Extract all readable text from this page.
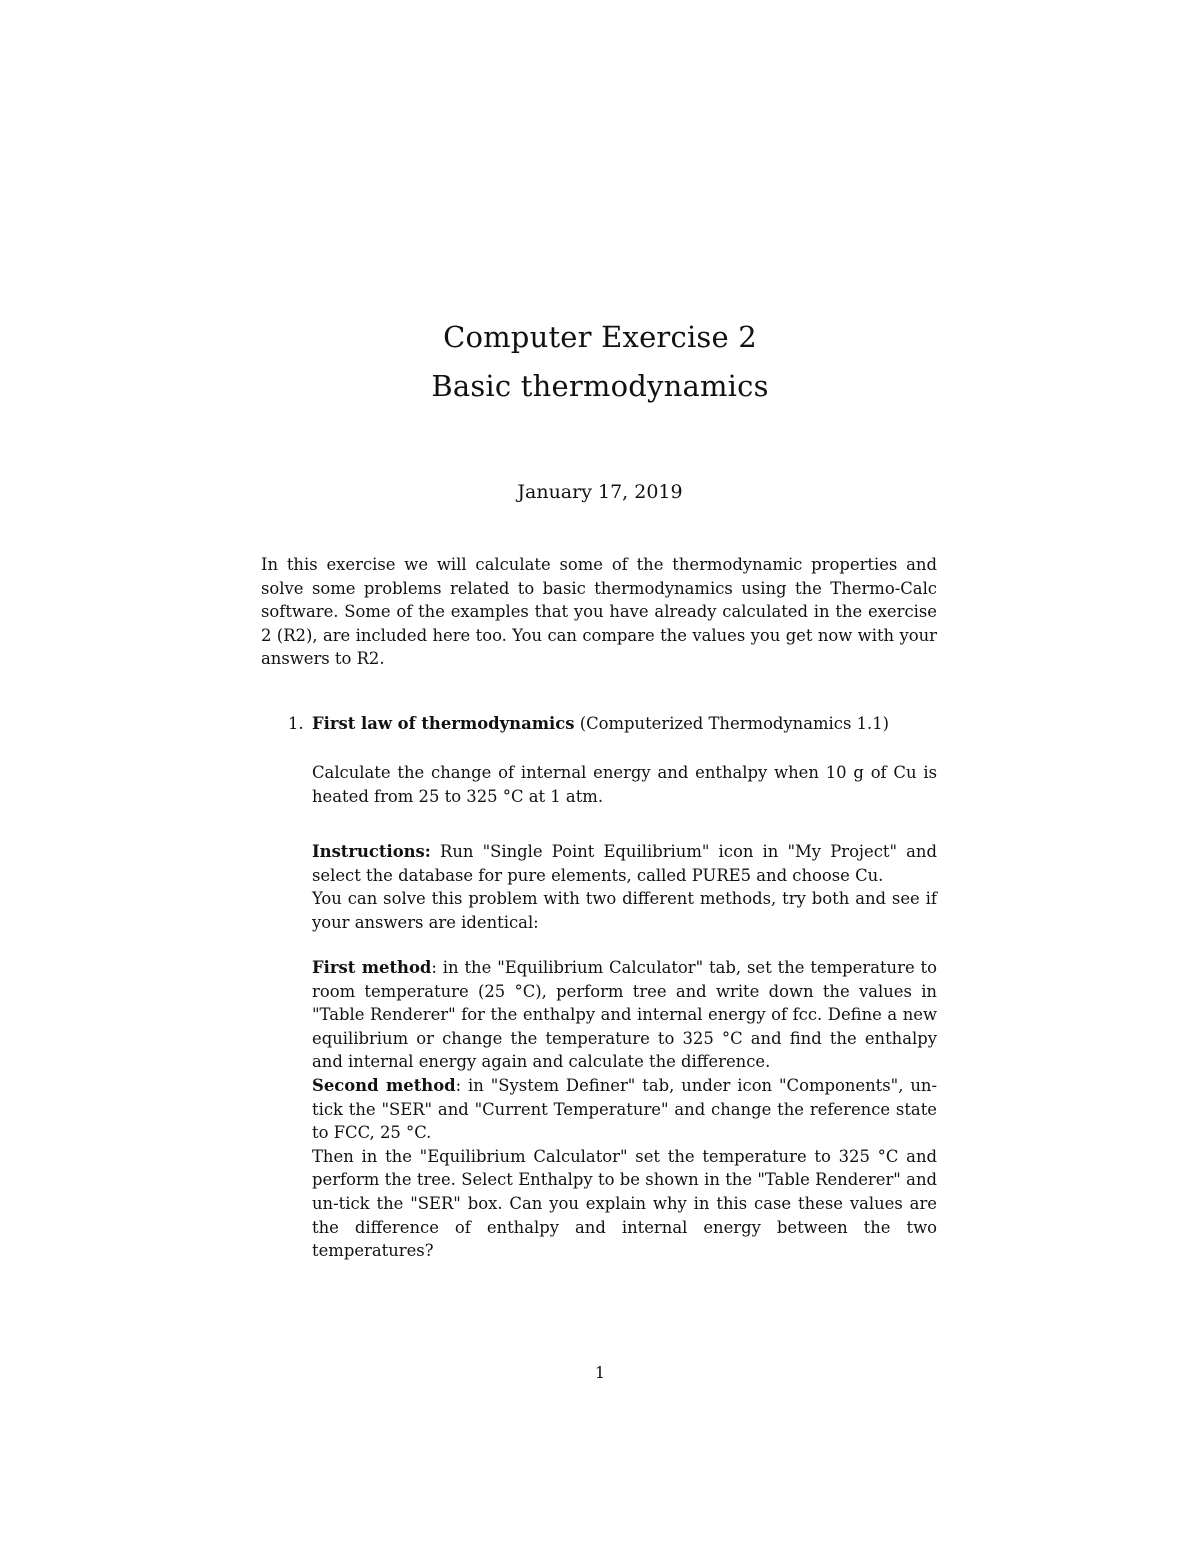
Computer Exercise 2
Basic thermodynamics
January 17, 2019

In this exercise we will calculate some of the thermodynamic properties and solve some problems related to basic thermodynamics using the Thermo-Calc software. Some of the examples that you have already calculated in the exercise 2 (R2), are included here too. You can compare the values you get now with your answers to R2.

1. First law of thermodynamics (Computerized Thermodynamics 1.1)

Calculate the change of internal energy and enthalpy when 10 g of Cu is heated from 25 to 325 °C at 1 atm.

Instructions: Run "Single Point Equilibrium" icon in "My Project" and select the database for pure elements, called PURE5 and choose Cu.

You can solve this problem with two different methods, try both and see if your answers are identical:

First method: in the "Equilibrium Calculator" tab, set the temperature to room temperature (25 °C), perform tree and write down the values in "Table Renderer" for the enthalpy and internal energy of fcc. Define a new equilibrium or change the temperature to 325 °C and find the enthalpy and internal energy again and calculate the difference.

Second method: in "System Definer" tab, under icon "Components", un-tick the "SER" and "Current Temperature" and change the reference state to FCC, 25 °C.

Then in the "Equilibrium Calculator" set the temperature to 325 °C and perform the tree. Select Enthalpy to be shown in the "Table Renderer" and un-tick the "SER" box. Can you explain why in this case these values are the difference of enthalpy and internal energy between the two temperatures?

1
